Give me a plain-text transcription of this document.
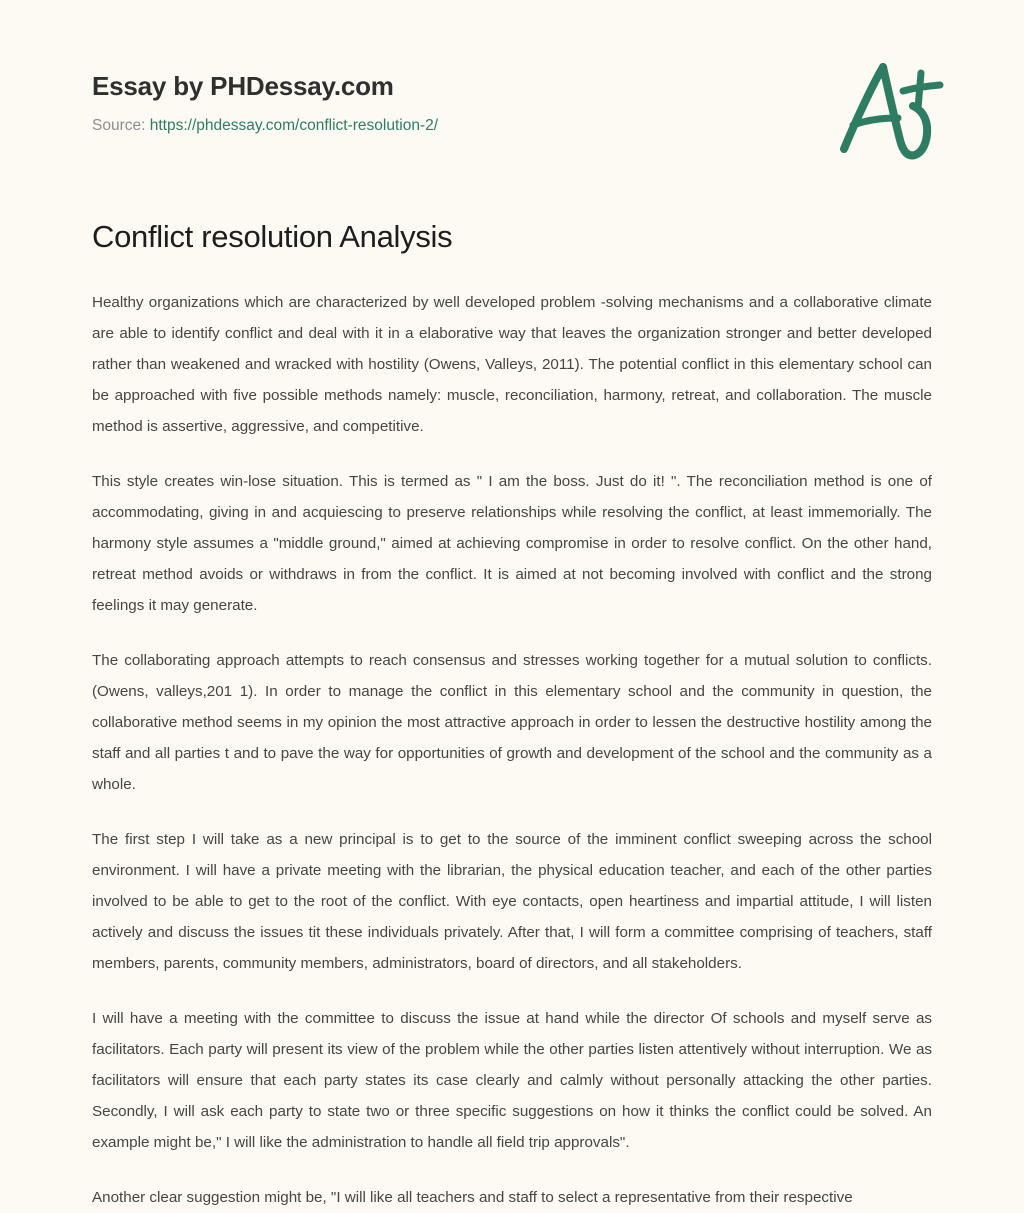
Essay by PHDessay.com
Source: https://phdessay.com/conflict-resolution-2/
Conflict resolution Analysis

Healthy organizations which are characterized by well developed problem -solving mechanisms and a collaborative climate are able to identify conflict and deal with it in a elaborative way that leaves the organization stronger and better developed rather than weakened and wracked with hostility (Owens, Valleys, 2011). The potential conflict in this elementary school can be approached with five possible methods namely: muscle, reconciliation, harmony, retreat, and collaboration. The muscle method is assertive, aggressive, and competitive.

This style creates win-lose situation. This is termed as " I am the boss. Just do it! ". The reconciliation method is one of accommodating, giving in and acquiescing to preserve relationships while resolving the conflict, at least immemorially. The harmony style assumes a "middle ground," aimed at achieving compromise in order to resolve conflict. On the other hand, retreat method avoids or withdraws in from the conflict. It is aimed at not becoming involved with conflict and the strong feelings it may generate.

The collaborating approach attempts to reach consensus and stresses working together for a mutual solution to conflicts. (Owens, valleys,201 1). In order to manage the conflict in this elementary school and the community in question, the collaborative method seems in my opinion the most attractive approach in order to lessen the destructive hostility among the staff and all parties t and to pave the way for opportunities of growth and development of the school and the community as a whole.

The first step I will take as a new principal is to get to the source of the imminent conflict sweeping across the school environment. I will have a private meeting with the librarian, the physical education teacher, and each of the other parties involved to be able to get to the root of the conflict. With eye contacts, open heartiness and impartial attitude, I will listen actively and discuss the issues tit these individuals privately. After that, I will form a committee comprising of teachers, staff members, parents, community members, administrators, board of directors, and all stakeholders.

I will have a meeting with the committee to discuss the issue at hand while the director Of schools and myself serve as facilitators. Each party will present its view of the problem while the other parties listen attentively without interruption. We as facilitators will ensure that each party states its case clearly and calmly without personally attacking the other parties. Secondly, I will ask each party to state two or three specific suggestions on how it thinks the conflict could be solved. An example might be," I will like the administration to handle all field trip approvals".

Another clear suggestion might be, "I will like all teachers and staff to select a representative from their respective
